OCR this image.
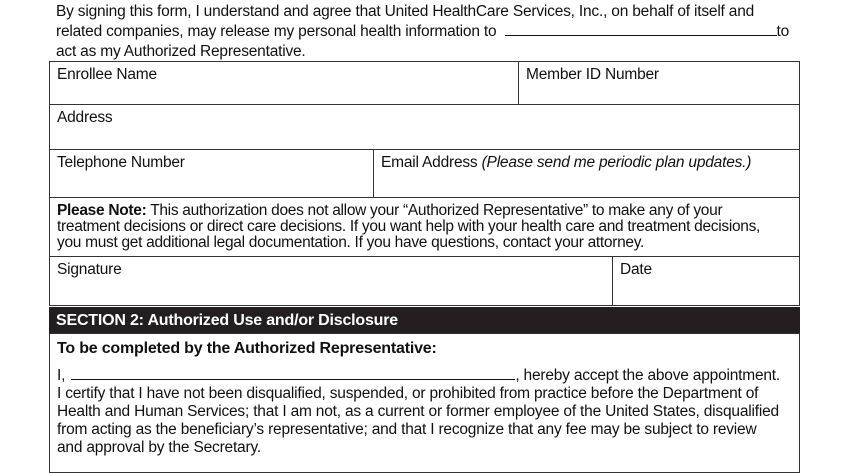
By signing this form, I understand and agree that United HealthCare Services, Inc., on behalf of itself and
related companies, may release my personal health information to	to
act as my Authorized Representative.
Enrollee Name	Member ID Number
Address
Telephone Number	Email Address (Please send me periodic plan updates.)
Please Note: This authorization does not allow your “Authorized Representative” to make any of your
treatment decisions or direct care decisions. If you want help with your health care and treatment decisions,
you must get additional legal documentation. If you have questions, contact your attorney.
Signature	Date
SECTION 2: Authorized Use and/or Disclosure
To be completed by the Authorized Representative:
I,	, hereby accept the above appointment.
I certify that I have not been disqualified, suspended, or prohibited from practice before the Department of
Health and Human Services; that I am not, as a current or former employee of the United States, disqualified
from acting as the beneficiary’s representative; and that I recognize that any fee may be subject to review
and approval by the Secretary.
